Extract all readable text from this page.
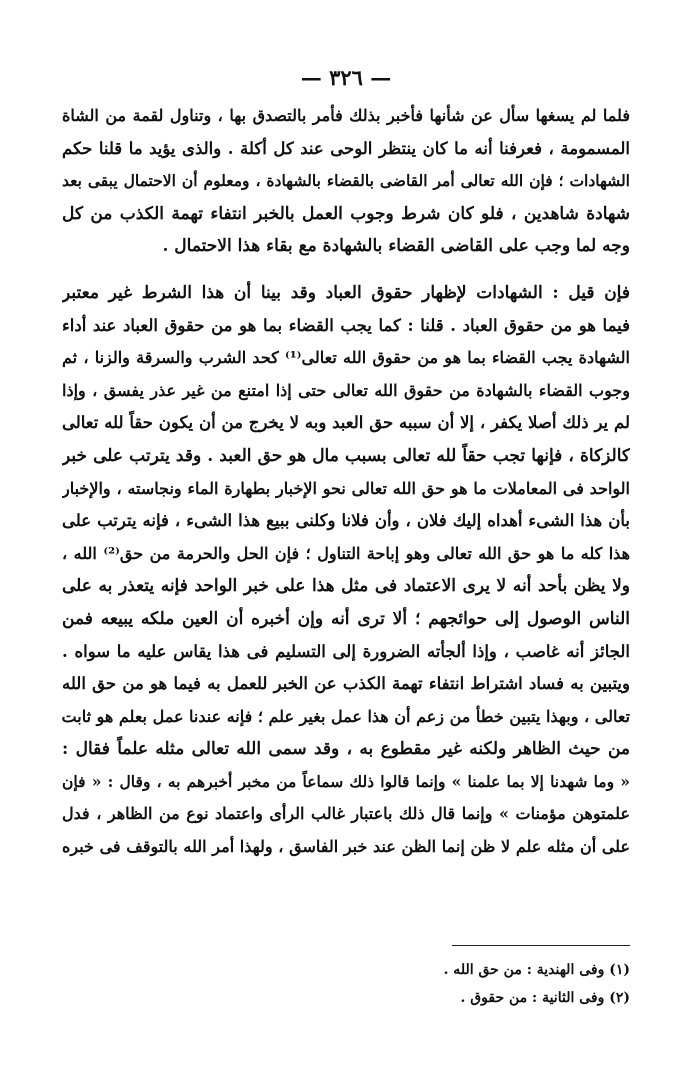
— ٣٢٦ —
فلما لم يسغها سأل عن شأنها فأخبر بذلك فأمر بالتصدق بها ، وتناول لقمة من الشاة
المسمومة ، فعرفنا أنه ما كان ينتظر الوحى عند كل أكلة . والذى يؤيد ما قلنا حكم
الشهادات ؛ فإن الله تعالى أمر القاضى بالقضاء بالشهادة ، ومعلوم أن الاحتمال يبقى بعد
شهادة شاهدين ، فلو كان شرط وجوب العمل بالخبر انتفاء تهمة الكذب من كل
وجه لما وجب على القاضى القضاء بالشهادة مع بقاء هذا الاحتمال .
فإن قيل : الشهادات لإظهار حقوق العباد وقد بينا أن هذا الشرط غير معتبر
فيما هو من حقوق العباد . قلنا : كما يجب القضاء بما هو من حقوق العباد عند أداء
الشهادة يجب القضاء بما هو من حقوق الله تعالى⁽¹⁾ كحد الشرب والسرقة والزنا ، ثم
وجوب القضاء بالشهادة من حقوق الله تعالى حتى إذا امتنع من غير عذر يفسق ، وإذا
لم ير ذلك أصلا يكفر ، إلا أن سببه حق العبد وبه لا يخرج من أن يكون حقاً لله تعالى
كالزكاة ، فإنها تجب حقاً لله تعالى بسبب مال هو حق العبد . وقد يترتب على خبر
الواحد فى المعاملات ما هو حق الله تعالى نحو الإخبار بطهارة الماء ونجاسته ، والإخبار
بأن هذا الشىء أهداه إليك فلان ، وأن فلانا وكلنى ببيع هذا الشىء ، فإنه يترتب على
هذا كله ما هو حق الله تعالى وهو إباحة التناول ؛ فإن الحل والحرمة من حق⁽²⁾ الله ،
ولا يظن بأحد أنه لا يرى الاعتماد فى مثل هذا على خبر الواحد فإنه يتعذر به على
الناس الوصول إلى حوائجهم ؛ ألا ترى أنه وإن أخبره أن العين ملكه يبيعه فمن
الجائز أنه غاصب ، وإذا ألجأته الضرورة إلى التسليم فى هذا يقاس عليه ما سواه .
ويتبين به فساد اشتراط انتفاء تهمة الكذب عن الخبر للعمل به فيما هو من حق الله
تعالى ، وبهذا يتبين خطأ من زعم أن هذا عمل بغير علم ؛ فإنه عندنا عمل بعلم هو ثابت
من حيث الظاهر ولكنه غير مقطوع به ، وقد سمى الله تعالى مثله علماً فقال :
« وما شهدنا إلا بما علمنا » وإنما قالوا ذلك سماعاً من مخبر أخبرهم به ، وقال : « فإن
علمتوهن مؤمنات » وإنما قال ذلك باعتبار غالب الرأى واعتماد نوع من الظاهر ، فدل
على أن مثله علم لا ظن إنما الظن عند خبر الفاسق ، ولهذا أمر الله بالتوقف فى خبره
(١) وفى الهندية : من حق الله .
(٢) وفى الثانية : من حقوق .
